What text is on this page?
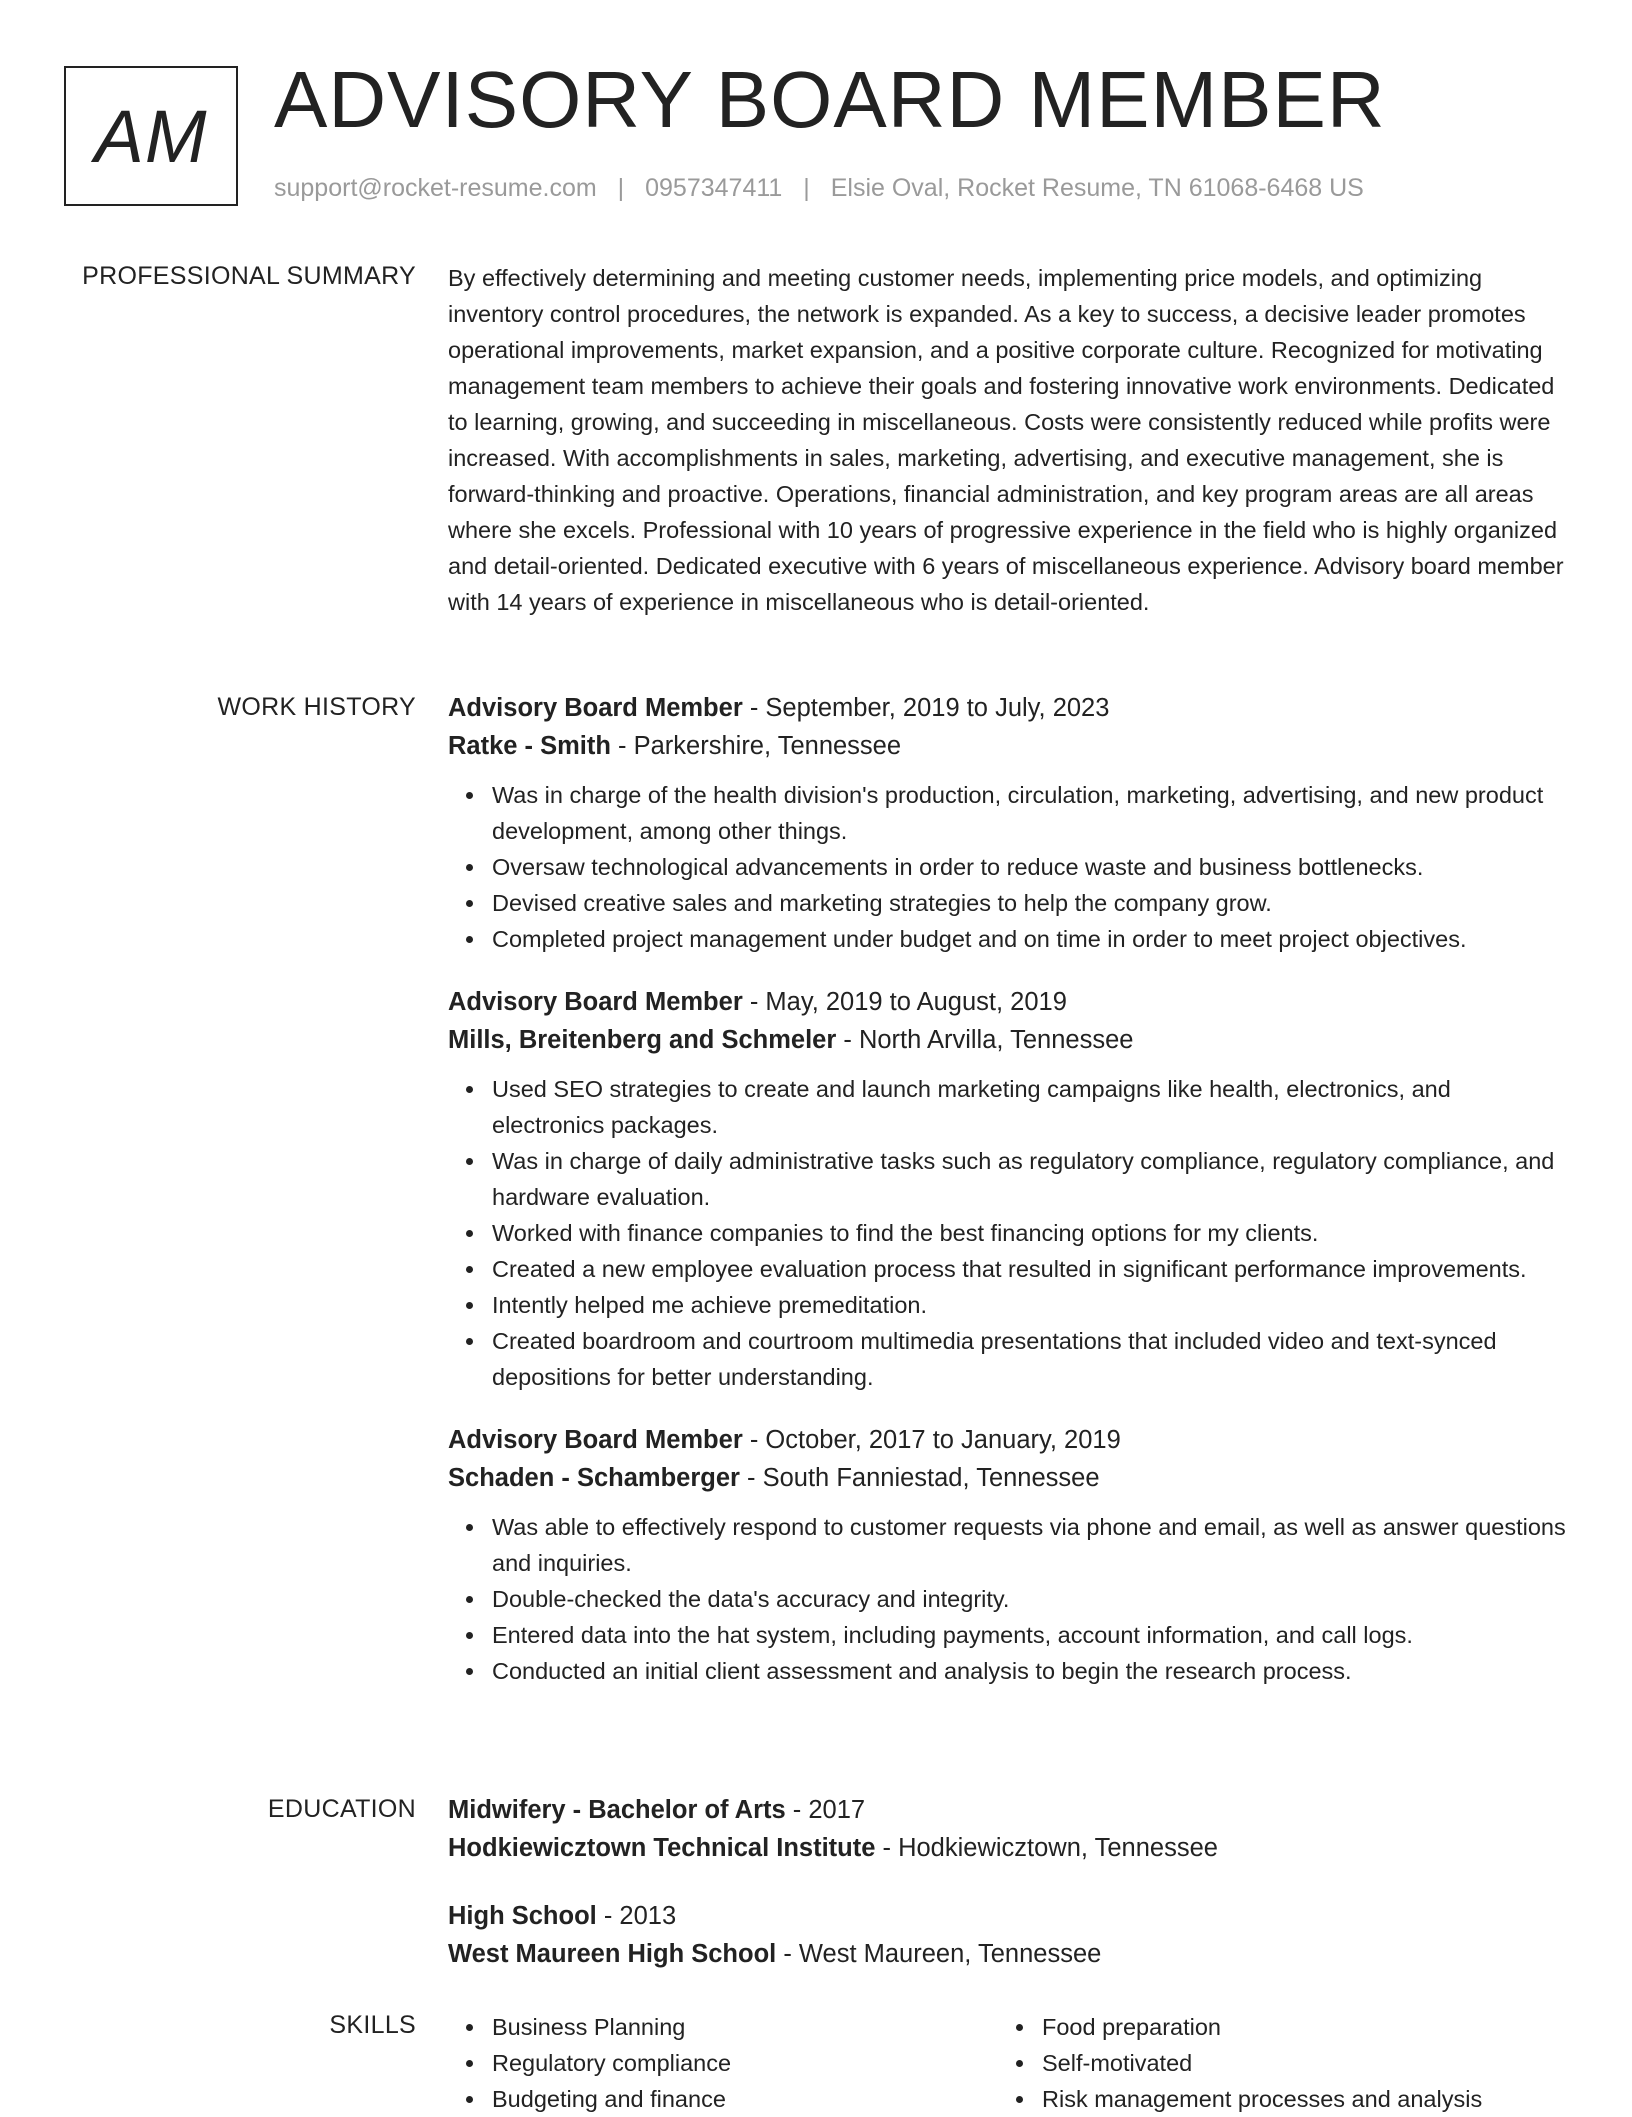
AM ADVISORY BOARD MEMBER
support@rocket-resume.com | 0957347411 | Elsie Oval, Rocket Resume, TN 61068-6468 US
PROFESSIONAL SUMMARY By effectively determining and meeting customer needs, implementing price models, and optimizing inventory control procedures, the network is expanded. As a key to success, a decisive leader promotes operational improvements, market expansion, and a positive corporate culture. Recognized for motivating management team members to achieve their goals and fostering innovative work environments. Dedicated to learning, growing, and succeeding in miscellaneous. Costs were consistently reduced while profits were increased. With accomplishments in sales, marketing, advertising, and executive management, she is forward-thinking and proactive. Operations, financial administration, and key program areas are all areas where she excels. Professional with 10 years of progressive experience in the field who is highly organized and detail-oriented. Dedicated executive with 6 years of miscellaneous experience. Advisory board member with 14 years of experience in miscellaneous who is detail-oriented.

WORK HISTORY Advisory Board Member - September, 2019 to July, 2023
Ratke - Smith - Parkershire, Tennessee
Was in charge of the health division's production, circulation, marketing, advertising, and new product development, among other things.
Oversaw technological advancements in order to reduce waste and business bottlenecks.
Devised creative sales and marketing strategies to help the company grow.
Completed project management under budget and on time in order to meet project objectives.
Advisory Board Member - May, 2019 to August, 2019
Mills, Breitenberg and Schmeler - North Arvilla, Tennessee
Used SEO strategies to create and launch marketing campaigns like health, electronics, and electronics packages.
Was in charge of daily administrative tasks such as regulatory compliance, regulatory compliance, and hardware evaluation.
Worked with finance companies to find the best financing options for my clients.
Created a new employee evaluation process that resulted in significant performance improvements.
Intently helped me achieve premeditation.
Created boardroom and courtroom multimedia presentations that included video and text-synced depositions for better understanding.
Advisory Board Member - October, 2017 to January, 2019
Schaden - Schamberger - South Fanniestad, Tennessee
Was able to effectively respond to customer requests via phone and email, as well as answer questions and inquiries.
Double-checked the data's accuracy and integrity.
Entered data into the hat system, including payments, account information, and call logs.
Conducted an initial client assessment and analysis to begin the research process.
EDUCATION Midwifery - Bachelor of Arts - 2017
Hodkiewicztown Technical Institute - Hodkiewicztown, Tennessee
High School - 2013
West Maureen High School - West Maureen, Tennessee
SKILLS	Business Planning
Regulatory compliance
Budgeting and finance
Food preparation
Self-motivated
Risk management processes and analysis
